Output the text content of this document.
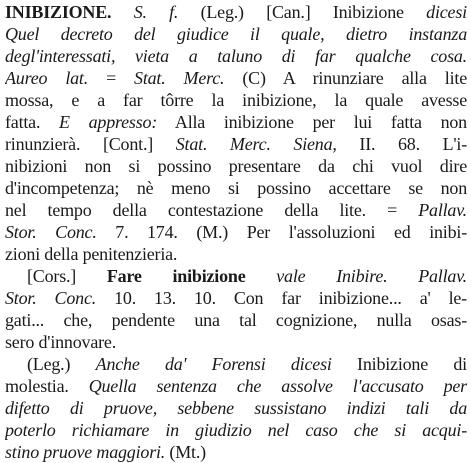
INIBIZIONE. S. f. (Leg.) [Can.] Inibizione dicesi
Quel decreto del giudice il quale, dietro instanza
degl'interessati, vieta a taluno di far qualche cosa.
Aureo lat. = Stat. Merc. (C) A rinunziare alla lite
mossa, e a far tôrre la inibizione, la quale avesse
fatta. E appresso: Alla inibizione per lui fatta non
rinunzierà. [Cont.] Stat. Merc. Siena, II. 68. L'i-
nibizioni non si possino presentare da chi vuol dire
d'incompetenza; nè meno si possino accettare se non
nel tempo della contestazione della lite. = Pallav.
Stor. Conc. 7. 174. (M.) Per l'assoluzioni ed inibi-
zioni della penitenzieria.
[Cors.] Fare inibizione vale Inibire. Pallav.
Stor. Conc. 10. 13. 10. Con far inibizione... a' le-
gati... che, pendente una tal cognizione, nulla osas-
sero d'innovare.
(Leg.) Anche da' Forensi dicesi Inibizione di
molestia. Quella sentenza che assolve l'accusato per
difetto di pruove, sebbene sussistano indizi tali da
poterlo richiamare in giudizio nel caso che si acqui-
stino pruove maggiori. (Mt.)
